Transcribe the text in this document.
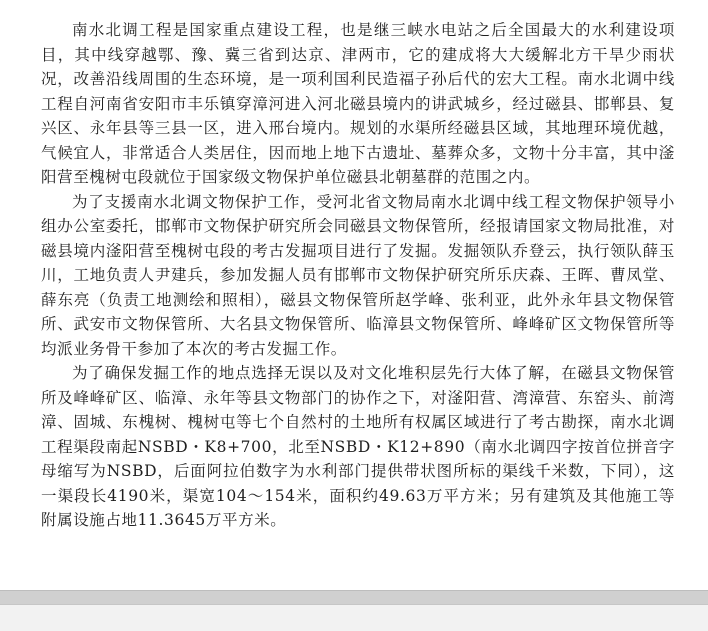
南水北调工程是国家重点建设工程，也是继三峡水电站之后全国最大的水利建设项目，其中线穿越鄂、豫、冀三省到达京、津两市，它的建成将大大缓解北方干旱少雨状况，改善沿线周围的生态环境，是一项利国利民造福子孙后代的宏大工程。南水北调中线工程自河南省安阳市丰乐镇穿漳河进入河北磁县境内的讲武城乡，经过磁县、邯郸县、复兴区、永年县等三县一区，进入邢台境内。规划的水渠所经磁县区域，其地理环境优越，气候宜人，非常适合人类居住，因而地上地下古遗址、墓葬众多，文物十分丰富，其中滏阳营至槐树屯段就位于国家级文物保护单位磁县北朝墓群的范围之内。

为了支援南水北调文物保护工作，受河北省文物局南水北调中线工程文物保护领导小组办公室委托，邯郸市文物保护研究所会同磁县文物保管所，经报请国家文物局批准，对磁县境内滏阳营至槐树屯段的考古发掘项目进行了发掘。发掘领队乔登云，执行领队薛玉川，工地负责人尹建兵，参加发掘人员有邯郸市文物保护研究所乐庆森、王晖、曹凤堂、薛东亮（负责工地测绘和照相），磁县文物保管所赵学峰、张利亚，此外永年县文物保管所、武安市文物保管所、大名县文物保管所、临漳县文物保管所、峰峰矿区文物保管所等均派业务骨干参加了本次的考古发掘工作。

为了确保发掘工作的地点选择无误以及对文化堆积层先行大体了解，在磁县文物保管所及峰峰矿区、临漳、永年等县文物部门的协作之下，对滏阳营、湾漳营、东窑头、前湾漳、固城、东槐树、槐树屯等七个自然村的土地所有权属区域进行了考古勘探，南水北调工程渠段南起NSBD・K8+700，北至NSBD・K12+890（南水北调四字按首位拼音字母缩写为NSBD，后面阿拉伯数字为水利部门提供带状图所标的渠线千米数，下同），这一渠段长4190米，渠宽104～154米，面积约49.63万平方米；另有建筑及其他施工等附属设施占地11.3645万平方米。
